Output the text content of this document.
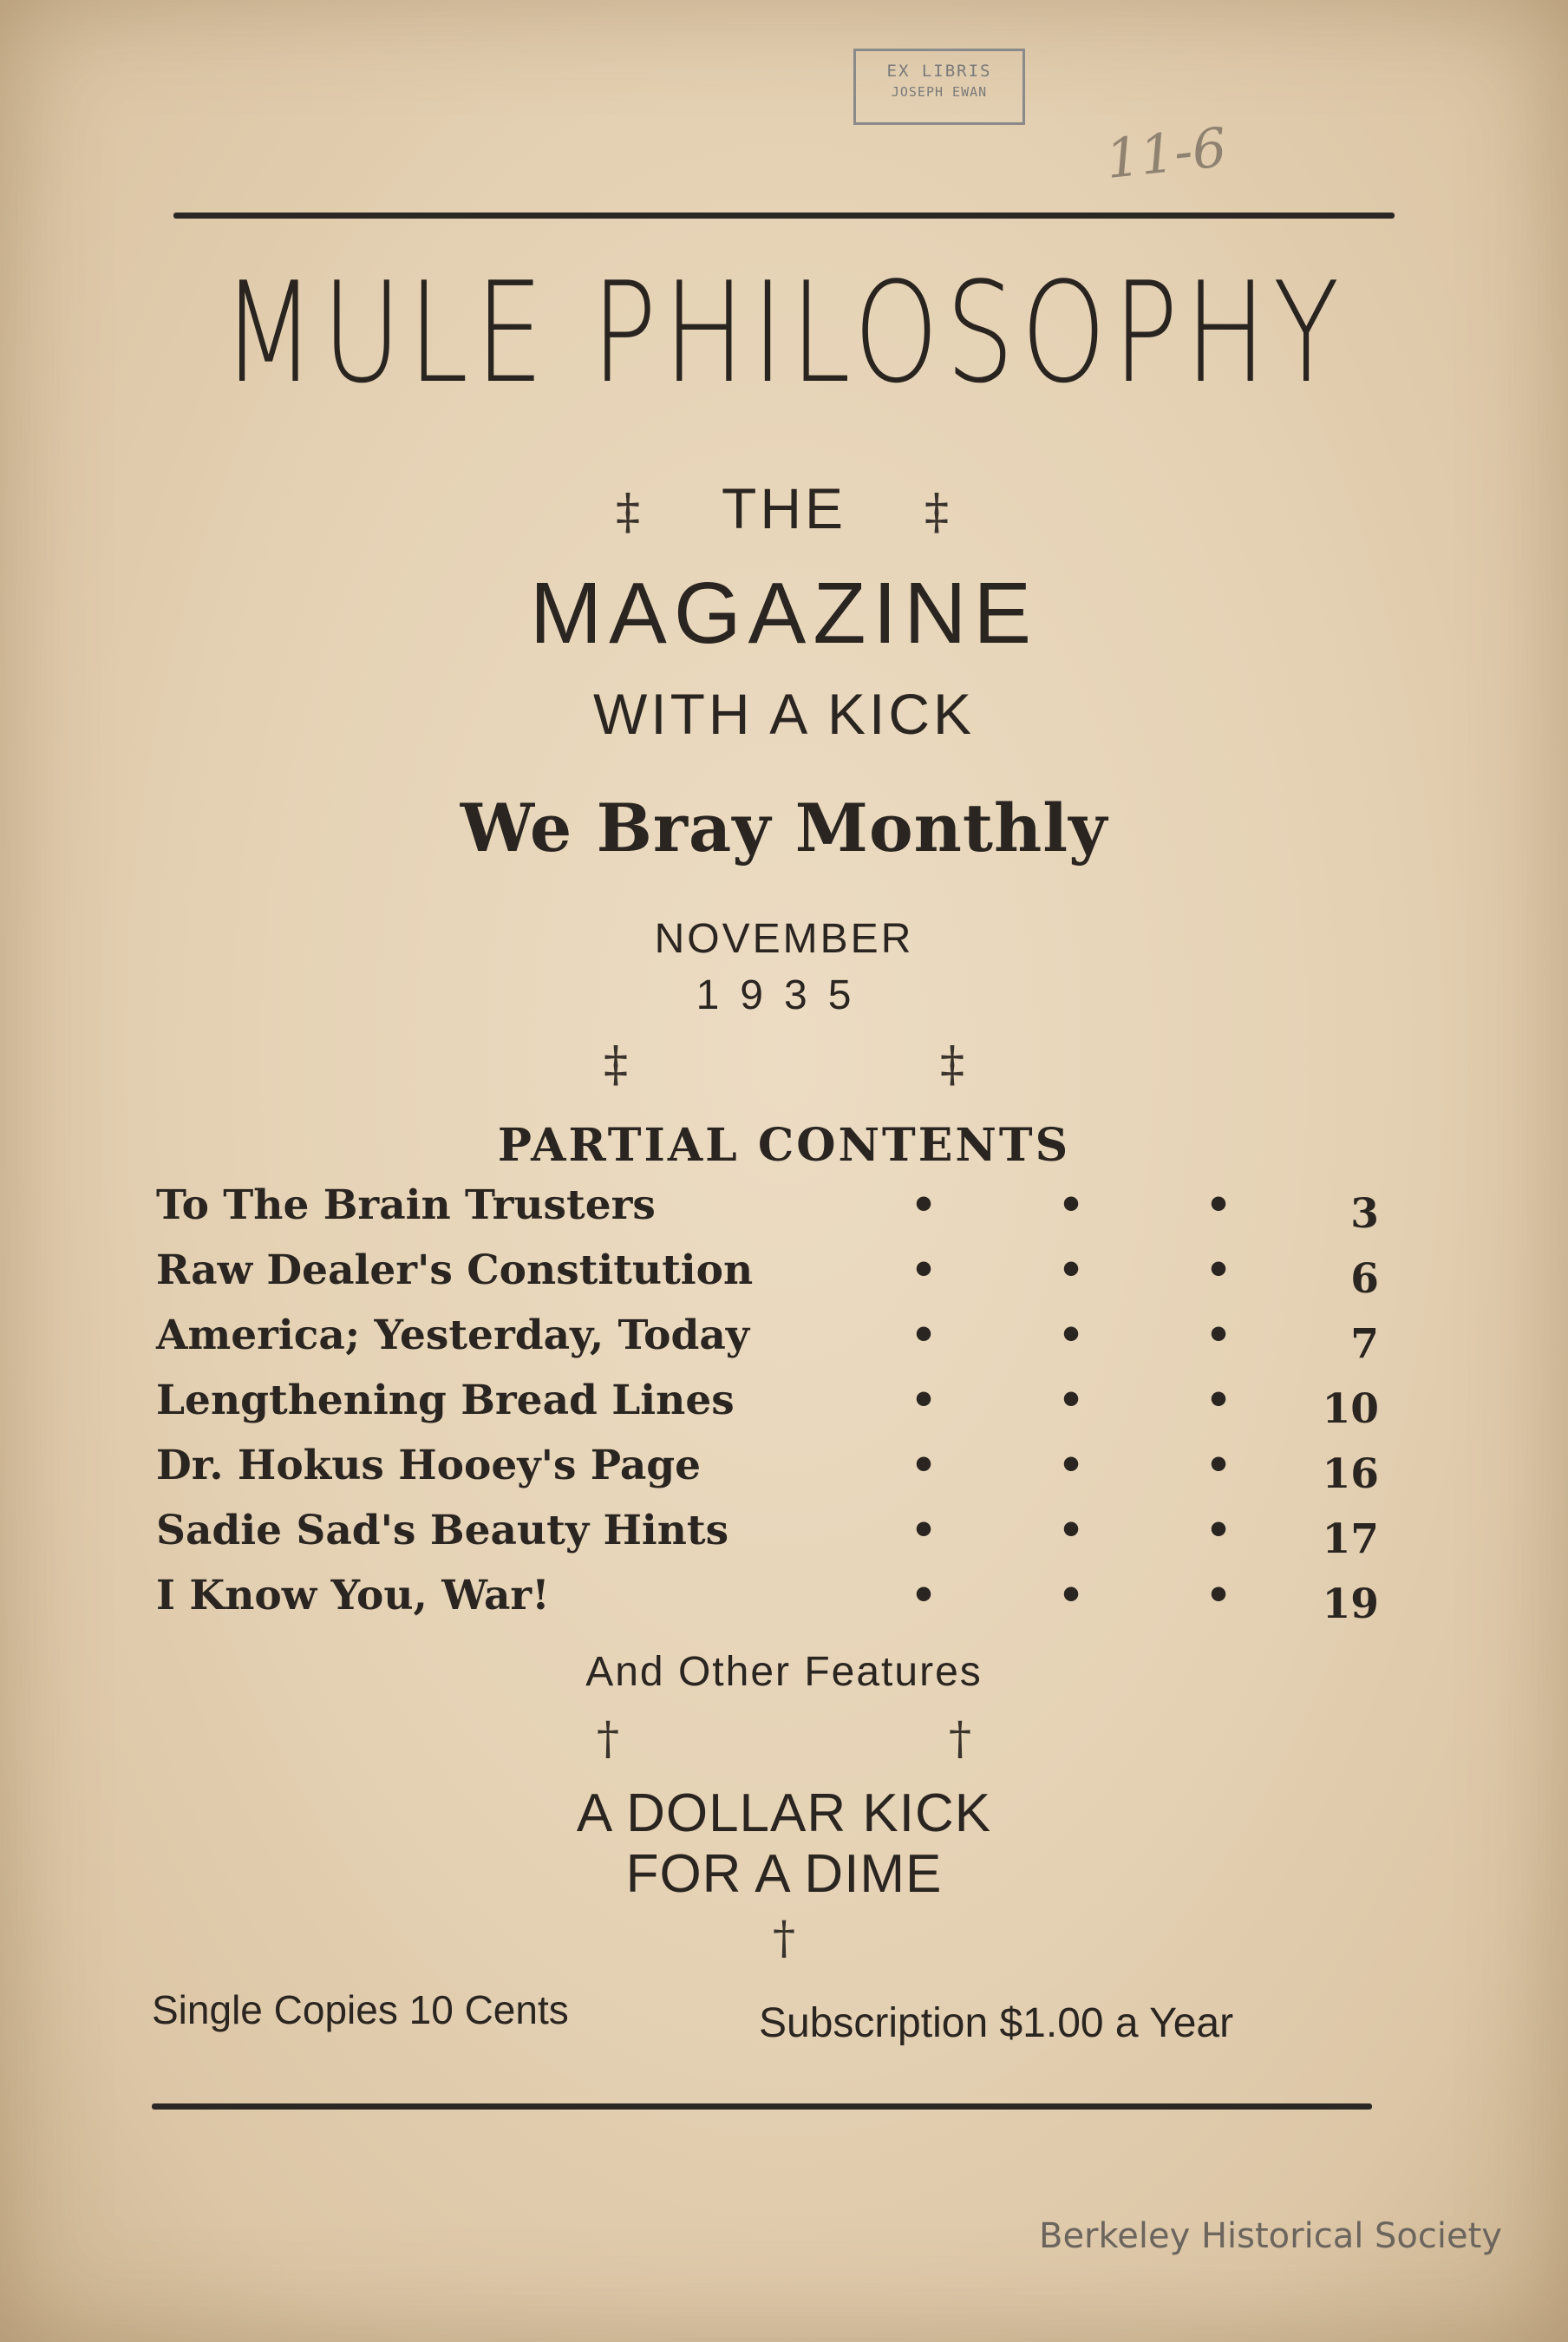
EX LIBRIS
JOSEPH EWAN
11-6
MULE PHILOSOPHY
‡ THE ‡
MAGAZINE
WITH A KICK
We Bray Monthly
NOVEMBER
1935
‡	‡
PARTIAL CONTENTS
To The Brain Trusters	•	•	•	3
Raw Dealer's Constitution	•	•	•	6
America; Yesterday, Today	•	•	•	7
Lengthening Bread Lines	•	•	• 10
Dr. Hokus Hooey's Page	•	•	• 16
Sadie Sad's Beauty Hints	•	•	• 17
I Know You, War!	•	•	• 19
And Other Features
†	†
A DOLLAR KICK
FOR A DIME
†
Single Copies 10 Cents	Subscription $1.00 a Year
Berkeley Historical Society
